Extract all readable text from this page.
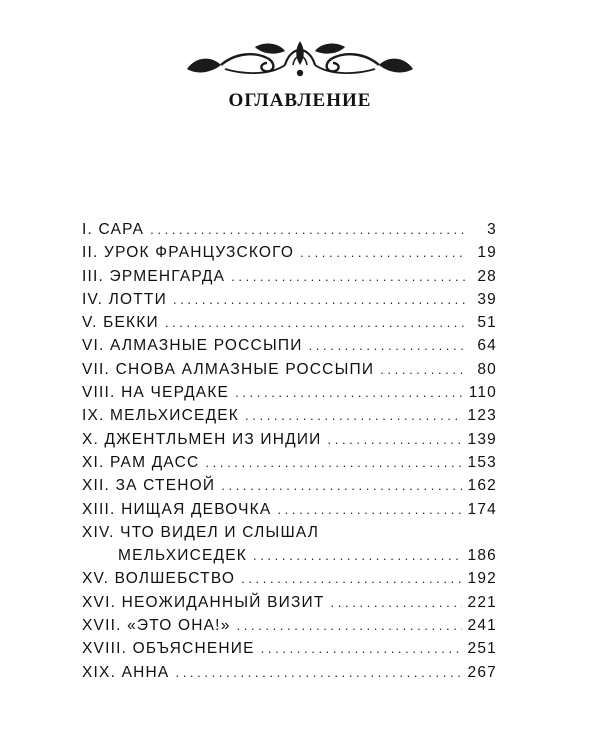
ОГЛАВЛЕНИЕ
I. САРА . . .	3
II. УРОК ФРАНЦУЗСКОГО . . .	19
III. ЭРМЕНГАРДА . . .	28
IV. ЛОТТИ . . .	39
V. БЕККИ . . .	51
VI. АЛМАЗНЫЕ РОССЫПИ . . .	64
VII. СНОВА АЛМАЗНЫЕ РОССЫПИ . . .	80
VIII. НА ЧЕРДАКЕ . . .	110
IX. МЕЛЬХИСЕДЕК . . .	123
X. ДЖЕНТЛЬМЕН ИЗ ИНДИИ . . .	139
XI. РАМ ДАСС . . .	153
XII. ЗА СТЕНОЙ . . .	162
XIII. НИЩАЯ ДЕВОЧКА . . .	174
XIV. ЧТО ВИДЕЛ И СЛЫШАЛ
МЕЛЬХИСЕДЕК . . .	186
XV. ВОЛШЕБСТВО . . .	192
XVI. НЕОЖИДАННЫЙ ВИЗИТ . . .	221
XVII. «ЭТО ОНА!» . . .	241
XVIII. ОБЪЯСНЕНИЕ . . .	251
XIX. АННА . . .	267
